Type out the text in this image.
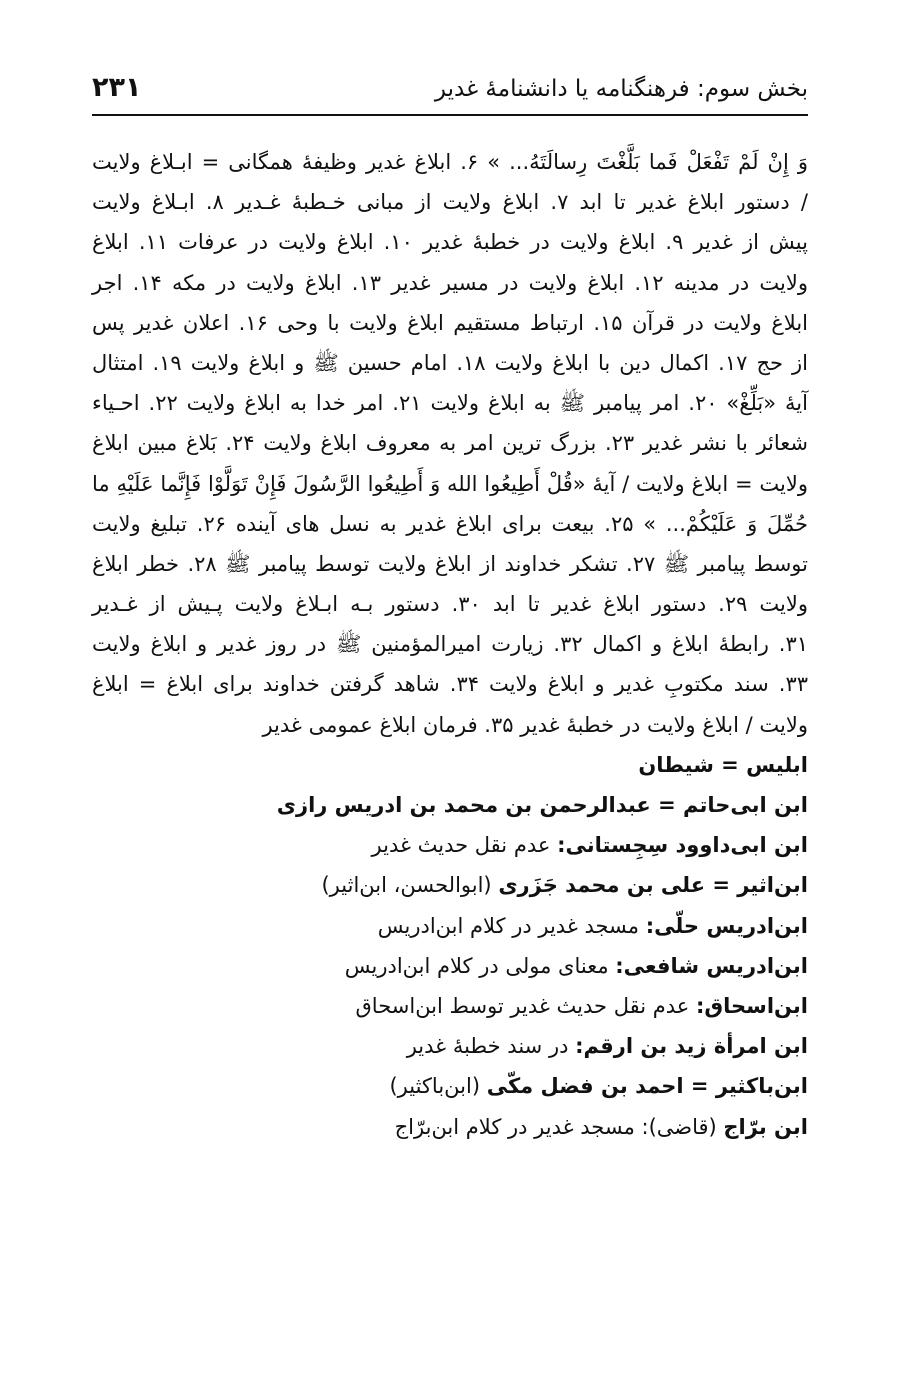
۲۳۱	بخش سوم: فرهنگنامه یا دانشنامهٔ غدیر
وَ إِنْ لَمْ تَفْعَلْ فَما بَلَّغْتَ رِسالَتَهُ... » ۶. ابلاغ غدیر وظیفهٔ همگانی = ابـلاغ ولایت
/ دستور ابلاغ غدیر تا ابد ۷. ابلاغ ولایت از مبانی خـطبهٔ غـدیر ۸. ابـلاغ ولایت
پیش از غدیر ۹. ابلاغ ولایت در خطبهٔ غدیر ۱۰. ابلاغ ولایت در عرفات ۱۱. ابلاغ
ولایت در مدینه ۱۲. ابلاغ ولایت در مسیر غدیر ۱۳. ابلاغ ولایت در مکه ۱۴. اجر
ابلاغ ولایت در قرآن ۱۵. ارتباط مستقیم ابلاغ ولایت با وحی ۱۶. اعلان غدیر پس
از حج ۱۷. اکمال دین با ابلاغ ولایت ۱۸. امام حسین ﷺ و ابلاغ ولایت ۱۹. امتثال
آیهٔ «بَلِّغْ» ۲۰. امر پیامبر ﷺ به ابلاغ ولایت ۲۱. امر خدا به ابلاغ ولایت ۲۲. احـیاء
شعائر با نشر غدیر ۲۳. بزرگ ترین امر به معروف ابلاغ ولایت ۲۴. بَلاغ مبین ابلاغ
ولایت = ابلاغ ولایت / آیهٔ «قُلْ أَطِیعُوا الله وَ أَطِیعُوا الرَّسُولَ فَإِنْ تَوَلَّوْا فَإِنَّما عَلَیْهِ ما
حُمِّلَ وَ عَلَیْکُمْ... » ۲۵. بیعت برای ابلاغ غدیر به نسل های آینده ۲۶. تبلیغ ولایت
توسط پیامبر ﷺ ۲۷. تشکر خداوند از ابلاغ ولایت توسط پیامبر ﷺ ۲۸. خطر ابلاغ
ولایت ۲۹. دستور ابلاغ غدیر تا ابد ۳۰. دستور بـه ابـلاغ ولایت پـیش از غـدیر
۳۱. رابطهٔ ابلاغ و اکمال ۳۲. زیارت امیرالمؤمنین ﷺ در روز غدیر و ابلاغ ولایت
۳۳. سند مکتوبِ غدیر و ابلاغ ولایت ۳۴. شاهد گرفتن خداوند برای ابلاغ = ابلاغ
ولایت / ابلاغ ولایت در خطبهٔ غدیر ۳۵. فرمان ابلاغ عمومی غدیر
ابلیس = شیطان
ابن ابی‌حاتم = عبدالرحمن بن محمد بن ادریس رازی
ابن ابی‌داوود سِجِستانی: عدم نقل حدیث غدیر
ابن‌اثیر = علی بن محمد جَزَری (ابوالحسن، ابن‌اثیر)
ابن‌ادریس حلّی: مسجد غدیر در کلام ابن‌ادریس
ابن‌ادریس شافعی: معنای مولی در کلام ابن‌ادریس
ابن‌اسحاق: عدم نقل حدیث غدیر توسط ابن‌اسحاق
ابن امرأة زید بن ارقم: در سند خطبهٔ غدیر
ابن‌باکثیر = احمد بن فضل مکّی (ابن‌باکثیر)
ابن برّاج (قاضی): مسجد غدیر در کلام ابن‌برّاج
